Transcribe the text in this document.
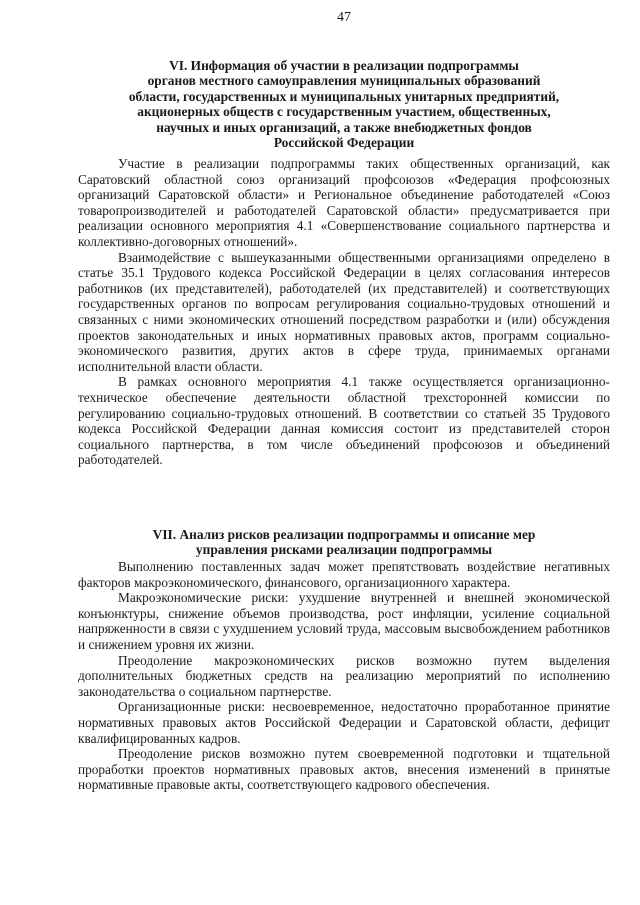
47
VI. Информация об участии в реализации подпрограммы
органов местного самоуправления муниципальных образований
области, государственных и муниципальных унитарных предприятий,
акционерных обществ с государственным участием, общественных,
научных и иных организаций, а также внебюджетных фондов
Российской Федерации

Участие в реализации подпрограммы таких общественных организаций, как Саратовский областной союз организаций профсоюзов «Федерация профсоюзных организаций Саратовской области» и Региональное объединение работодателей «Союз товаропроизводителей и работодателей Саратовской области» предусматривается при реализации основного мероприятия 4.1 «Совершенствование социального партнерства и коллективно-договорных отношений».

Взаимодействие с вышеуказанными общественными организациями определено в статье 35.1 Трудового кодекса Российской Федерации в целях согласования интересов работников (их представителей), работодателей (их представителей) и соответствующих государственных органов по вопросам регулирования социально-трудовых отношений и связанных с ними экономических отношений посредством разработки и (или) обсуждения проектов законодательных и иных нормативных правовых актов, программ социально-экономического развития, других актов в сфере труда, принимаемых органами исполнительной власти области.

В рамках основного мероприятия 4.1 также осуществляется организационно-техническое обеспечение деятельности областной трехсторонней комиссии по регулированию социально-трудовых отношений. В соответствии со статьей 35 Трудового кодекса Российской Федерации данная комиссия состоит из представителей сторон социального партнерства, в том числе объединений профсоюзов и объединений работодателей.

VII. Анализ рисков реализации подпрограммы и описание мер
управления рисками реализации подпрограммы

Выполнению поставленных задач может препятствовать воздействие негативных факторов макроэкономического, финансового, организационного характера.

Макроэкономические риски: ухудшение внутренней и внешней экономической конъюнктуры, снижение объемов производства, рост инфляции, усиление социальной напряженности в связи с ухудшением условий труда, массовым высвобождением работников и снижением уровня их жизни.

Преодоление макроэкономических рисков возможно путем выделения дополнительных бюджетных средств на реализацию мероприятий по исполнению законодательства о социальном партнерстве.

Организационные риски: несвоевременное, недостаточно проработанное принятие нормативных правовых актов Российской Федерации и Саратовской области, дефицит квалифицированных кадров.

Преодоление рисков возможно путем своевременной подготовки и тщательной проработки проектов нормативных правовых актов, внесения изменений в принятые нормативные правовые акты, соответствующего кадрового обеспечения.
